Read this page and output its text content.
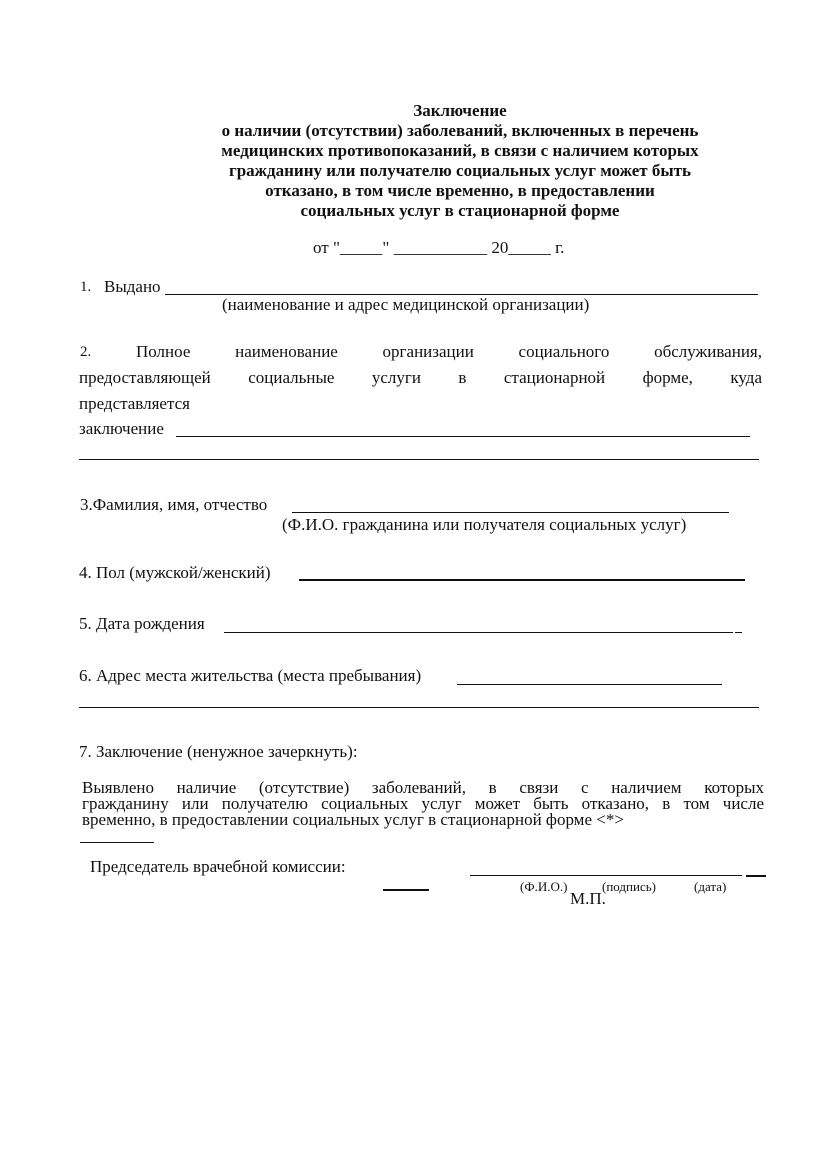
Заключение
о наличии (отсутствии) заболеваний, включенных в перечень
медицинских противопоказаний, в связи с наличием которых
гражданину или получателю социальных услуг может быть
отказано, в том числе временно, в предоставлении
социальных услуг в стационарной форме
от "_____" ___________ 20_____ г.
1. Выдано
(наименование и адрес медицинской организации)
2.	Полное наименование организации социального обслуживания,
предоставляющей социальные услуги в стационарной форме, куда
представляется
заключение
3.Фамилия, имя, отчество
(Ф.И.О. гражданина или получателя социальных услуг)
4. Пол (мужской/женский)
5. Дата рождения
6. Адрес места жительства (места пребывания)
7. Заключение (ненужное зачеркнуть):
Выявлено наличие (отсутствие) заболеваний, в связи с наличием которых
гражданину или получателю социальных услуг может быть отказано, в том числе
временно, в предоставлении социальных услуг в стационарной форме <*>
Председатель врачебной комиссии:
(Ф.И.О.)	(подпись)	(дата)
М.П.
